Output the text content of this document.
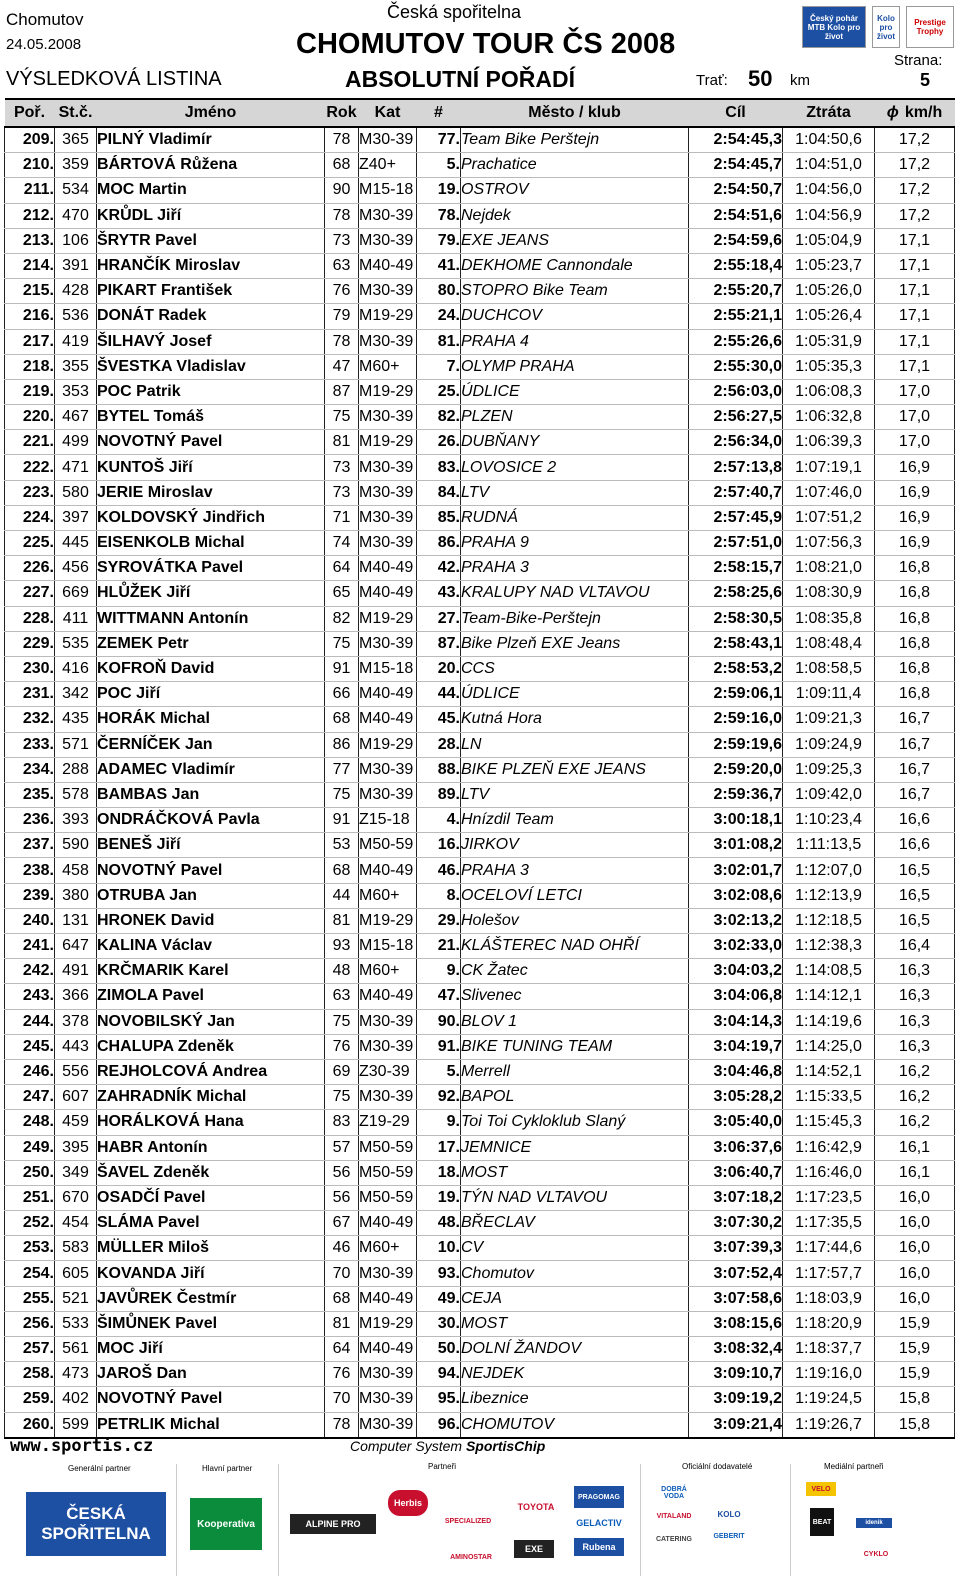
Chomutov
24.05.2008
VÝSLEDKOVÁ LISTINA
Česká spořitelna
CHOMUTOV TOUR ČS 2008
ABSOLUTNÍ POŘADÍ	Trať: 50 km
Strana:
5
Český pohár MTB Kolo pro život
Kolo pro život
Prestige Trophy
Poř.	St.č.	Jméno	Rok	Kat	#	Město / klub	Cíl	Ztráta	ϕ km/h
209.	365	PILNÝ Vladimír	78	M30-39	77.	Team Bike Perštejn	2:54:45,3	1:04:50,6	17,2
210.	359	BÁRTOVÁ Růžena	68	Z40+	5.	Prachatice	2:54:45,7	1:04:51,0	17,2
211.	534	MOC Martin	90	M15-18	19.	OSTROV	2:54:50,7	1:04:56,0	17,2
212.	470	KRŮDL Jiří	78	M30-39	78.	Nejdek	2:54:51,6	1:04:56,9	17,2
213.	106	ŠRYTR Pavel	73	M30-39	79.	EXE JEANS	2:54:59,6	1:05:04,9	17,1
214.	391	HRANČÍK Miroslav	63	M40-49	41.	DEKHOME Cannondale	2:55:18,4	1:05:23,7	17,1
215.	428	PIKART František	76	M30-39	80.	STOPRO Bike Team	2:55:20,7	1:05:26,0	17,1
216.	536	DONÁT Radek	79	M19-29	24.	DUCHCOV	2:55:21,1	1:05:26,4	17,1
217.	419	ŠILHAVÝ Josef	78	M30-39	81.	PRAHA 4	2:55:26,6	1:05:31,9	17,1
218.	355	ŠVESTKA Vladislav	47	M60+	7.	OLYMP PRAHA	2:55:30,0	1:05:35,3	17,1
219.	353	POC Patrik	87	M19-29	25.	ÚDLICE	2:56:03,0	1:06:08,3	17,0
220.	467	BYTEL Tomáš	75	M30-39	82.	PLZEN	2:56:27,5	1:06:32,8	17,0
221.	499	NOVOTNÝ Pavel	81	M19-29	26.	DUBŇANY	2:56:34,0	1:06:39,3	17,0
222.	471	KUNTOŠ Jiří	73	M30-39	83.	LOVOSICE 2	2:57:13,8	1:07:19,1	16,9
223.	580	JERIE Miroslav	73	M30-39	84.	LTV	2:57:40,7	1:07:46,0	16,9
224.	397	KOLDOVSKÝ Jindřich	71	M30-39	85.	RUDNÁ	2:57:45,9	1:07:51,2	16,9
225.	445	EISENKOLB Michal	74	M30-39	86.	PRAHA 9	2:57:51,0	1:07:56,3	16,9
226.	456	SYROVÁTKA Pavel	64	M40-49	42.	PRAHA 3	2:58:15,7	1:08:21,0	16,8
227.	669	HLŮŽEK Jiří	65	M40-49	43.	KRALUPY NAD VLTAVOU	2:58:25,6	1:08:30,9	16,8
228.	411	WITTMANN Antonín	82	M19-29	27.	Team-Bike-Perštejn	2:58:30,5	1:08:35,8	16,8
229.	535	ZEMEK Petr	75	M30-39	87.	Bike Plzeň EXE Jeans	2:58:43,1	1:08:48,4	16,8
230.	416	KOFROŇ David	91	M15-18	20.	CCS	2:58:53,2	1:08:58,5	16,8
231.	342	POC Jiří	66	M40-49	44.	ÚDLICE	2:59:06,1	1:09:11,4	16,8
232.	435	HORÁK Michal	68	M40-49	45.	Kutná Hora	2:59:16,0	1:09:21,3	16,7
233.	571	ČERNÍČEK Jan	86	M19-29	28.	LN	2:59:19,6	1:09:24,9	16,7
234.	288	ADAMEC Vladimír	77	M30-39	88.	BIKE PLZEŇ EXE JEANS	2:59:20,0	1:09:25,3	16,7
235.	578	BAMBAS Jan	75	M30-39	89.	LTV	2:59:36,7	1:09:42,0	16,7
236.	393	ONDRÁČKOVÁ Pavla	91	Z15-18	4.	Hnízdil Team	3:00:18,1	1:10:23,4	16,6
237.	590	BENEŠ Jiří	53	M50-59	16.	JIRKOV	3:01:08,2	1:11:13,5	16,6
238.	458	NOVOTNÝ Pavel	68	M40-49	46.	PRAHA 3	3:02:01,7	1:12:07,0	16,5
239.	380	OTRUBA Jan	44	M60+	8.	OCELOVÍ LETCI	3:02:08,6	1:12:13,9	16,5
240.	131	HRONEK David	81	M19-29	29.	Holešov	3:02:13,2	1:12:18,5	16,5
241.	647	KALINA Václav	93	M15-18	21.	KLÁŠTEREC NAD OHŘÍ	3:02:33,0	1:12:38,3	16,4
242.	491	KRČMARIK Karel	48	M60+	9.	CK Žatec	3:04:03,2	1:14:08,5	16,3
243.	366	ZIMOLA Pavel	63	M40-49	47.	Slivenec	3:04:06,8	1:14:12,1	16,3
244.	378	NOVOBILSKÝ Jan	75	M30-39	90.	BLOV 1	3:04:14,3	1:14:19,6	16,3
245.	443	CHALUPA Zdeněk	76	M30-39	91.	BIKE TUNING TEAM	3:04:19,7	1:14:25,0	16,3
246.	556	REJHOLCOVÁ Andrea	69	Z30-39	5.	Merrell	3:04:46,8	1:14:52,1	16,2
247.	607	ZAHRADNÍK Michal	75	M30-39	92.	BAPOL	3:05:28,2	1:15:33,5	16,2
248.	459	HORÁLKOVÁ Hana	83	Z19-29	9.	Toi Toi Cykloklub Slaný	3:05:40,0	1:15:45,3	16,2
249.	395	HABR Antonín	57	M50-59	17.	JEMNICE	3:06:37,6	1:16:42,9	16,1
250.	349	ŠAVEL Zdeněk	56	M50-59	18.	MOST	3:06:40,7	1:16:46,0	16,1
251.	670	OSADČÍ Pavel	56	M50-59	19.	TÝN NAD VLTAVOU	3:07:18,2	1:17:23,5	16,0
252.	454	SLÁMA Pavel	67	M40-49	48.	BŘECLAV	3:07:30,2	1:17:35,5	16,0
253.	583	MÜLLER Miloš	46	M60+	10.	CV	3:07:39,3	1:17:44,6	16,0
254.	605	KOVANDA Jiří	70	M30-39	93.	Chomutov	3:07:52,4	1:17:57,7	16,0
255.	521	JAVŮREK Čestmír	68	M40-49	49.	CEJA	3:07:58,6	1:18:03,9	16,0
256.	533	ŠIMŮNEK Pavel	81	M19-29	30.	MOST	3:08:15,6	1:18:20,9	15,9
257.	561	MOC Jiří	64	M40-49	50.	DOLNÍ ŽANDOV	3:08:32,4	1:18:37,7	15,9
258.	473	JAROŠ Dan	76	M30-39	94.	NEJDEK	3:09:10,7	1:19:16,0	15,9
259.	402	NOVOTNÝ Pavel	70	M30-39	95.	Libeznice	3:09:19,2	1:19:24,5	15,8
260.	599	PETRLIK Michal	78	M30-39	96.	CHOMUTOV	3:09:21,4	1:19:26,7	15,8
www.sportis.cz	Computer System SportisChip
Generální partner	Hlavní partner	Partneři	Oficiální dodavatelé	Mediální partneři
ČESKÁ SPOŘITELNA	Kooperativa	ALPINE PRO
Herbis
SPECIALIZED
TOYOTA
AMINOSTAR
EXE
PRAGOMAG
GELACTIV
Rubena
DOBRÁ VODA
VITALAND
CATERING
KOLO
GEBERIT
VELO
BEAT
CYKLO
idenik
